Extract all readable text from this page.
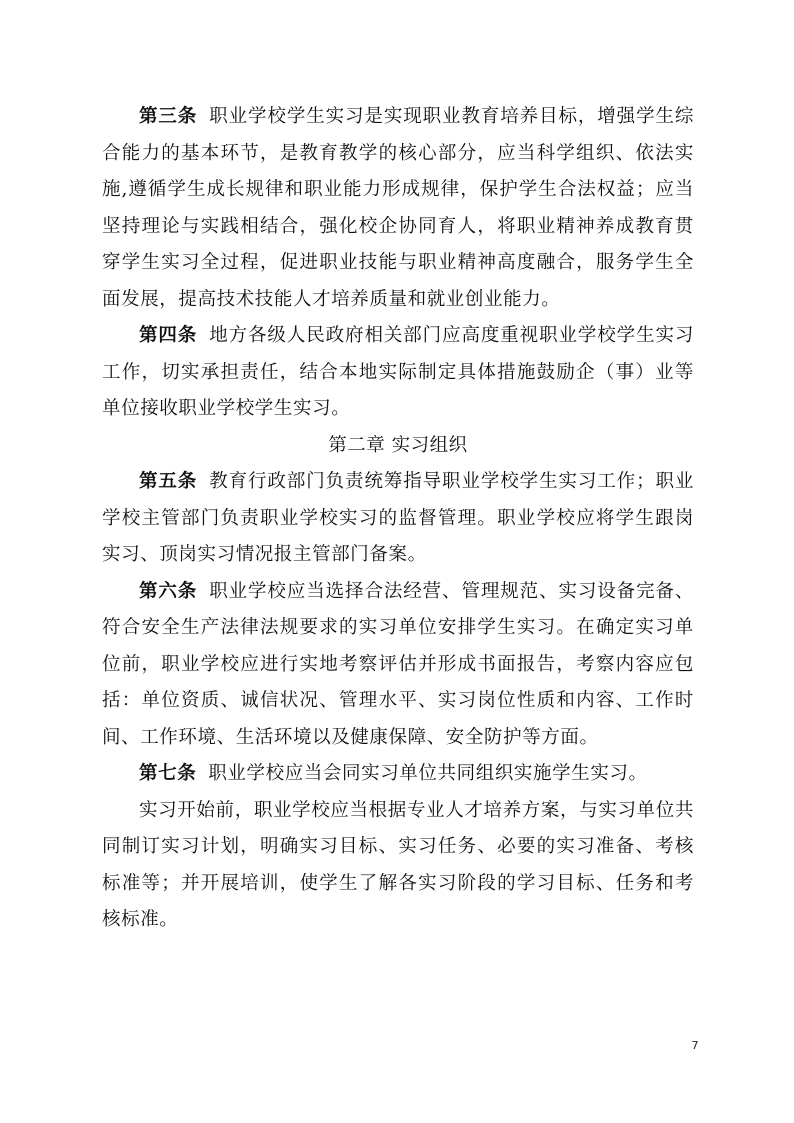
第三条 职业学校学生实习是实现职业教育培养目标，增强学生综合能力的基本环节，是教育教学的核心部分，应当科学组织、依法实施,遵循学生成长规律和职业能力形成规律，保护学生合法权益；应当坚持理论与实践相结合，强化校企协同育人，将职业精神养成教育贯穿学生实习全过程，促进职业技能与职业精神高度融合，服务学生全面发展，提高技术技能人才培养质量和就业创业能力。

第四条 地方各级人民政府相关部门应高度重视职业学校学生实习工作，切实承担责任，结合本地实际制定具体措施鼓励企（事）业等单位接收职业学校学生实习。

第二章 实习组织

第五条 教育行政部门负责统筹指导职业学校学生实习工作；职业学校主管部门负责职业学校实习的监督管理。职业学校应将学生跟岗实习、顶岗实习情况报主管部门备案。

第六条 职业学校应当选择合法经营、管理规范、实习设备完备、符合安全生产法律法规要求的实习单位安排学生实习。在确定实习单位前，职业学校应进行实地考察评估并形成书面报告，考察内容应包括：单位资质、诚信状况、管理水平、实习岗位性质和内容、工作时间、工作环境、生活环境以及健康保障、安全防护等方面。

第七条 职业学校应当会同实习单位共同组织实施学生实习。

实习开始前，职业学校应当根据专业人才培养方案，与实习单位共同制订实习计划，明确实习目标、实习任务、必要的实习准备、考核标准等；并开展培训，使学生了解各实习阶段的学习目标、任务和考核标准。

7
